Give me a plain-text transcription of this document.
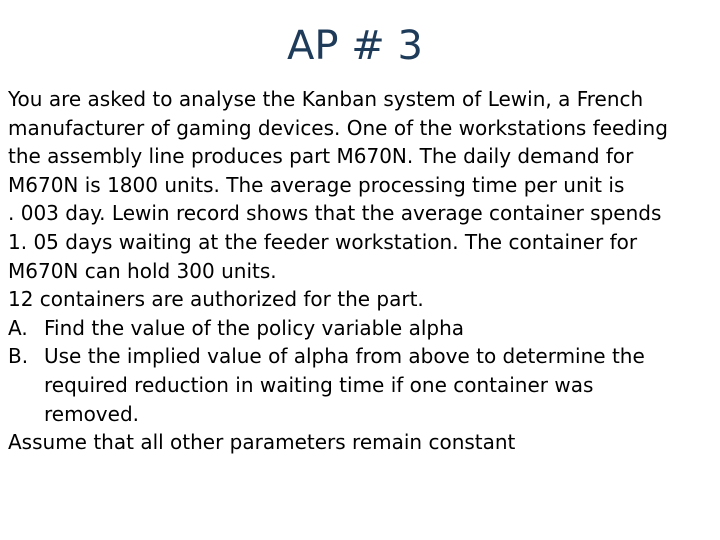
AP # 3
You are asked to analyse the Kanban system of Lewin, a French
manufacturer of gaming devices. One of the workstations feeding
the assembly line produces part M670N. The daily demand for
M670N is 1800 units. The average processing time per unit is
. 003 day. Lewin record shows that the average container spends
1. 05 days waiting at the feeder workstation. The container for
M670N can hold 300 units.
12 containers are authorized for the part.
A. Find the value of the policy variable alpha
B. Use the implied value of alpha from above to determine the
required reduction in waiting time if one container was
removed.
Assume that all other parameters remain constant
